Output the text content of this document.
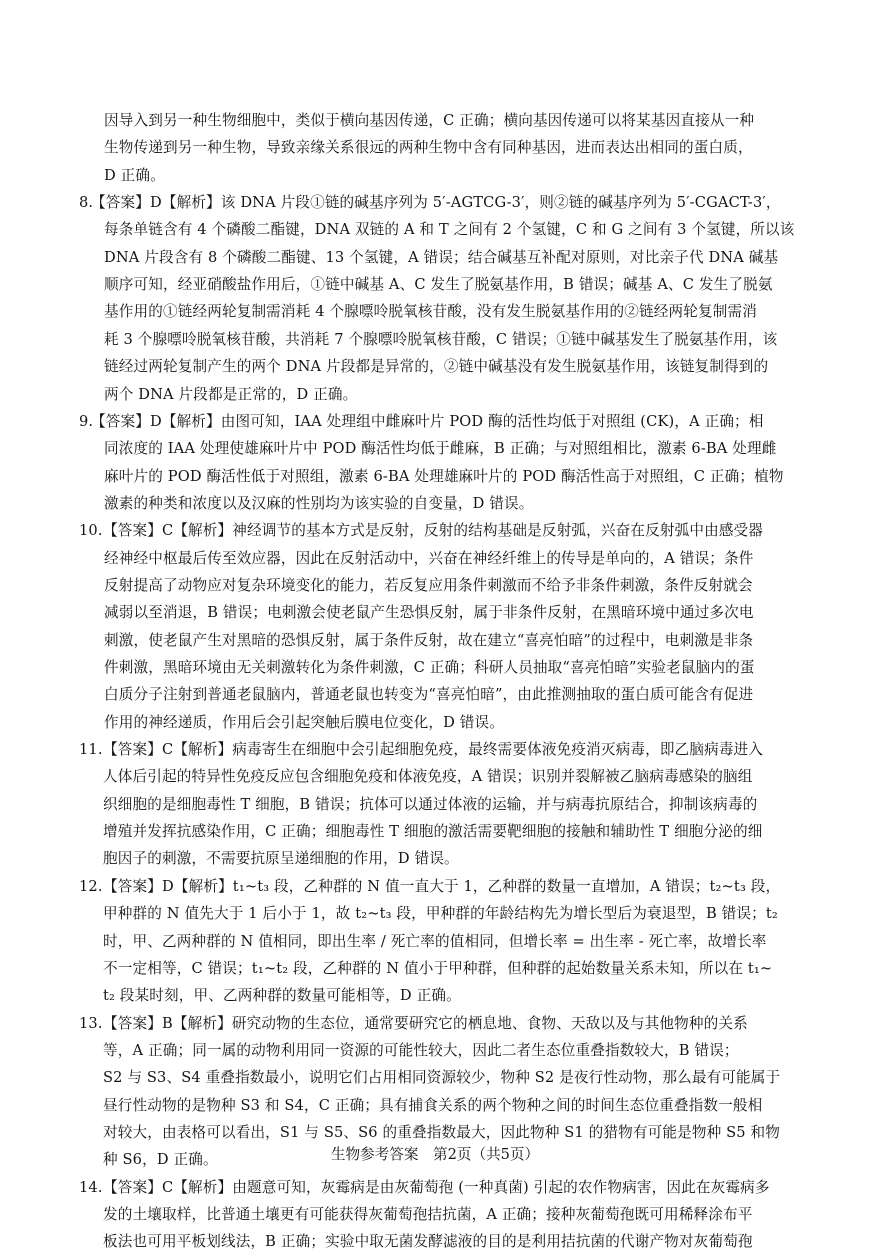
因导入到另一种生物细胞中，类似于横向基因传递，C 正确；横向基因传递可以将某基因直接从一种
生物传递到另一种生物，导致亲缘关系很远的两种生物中含有同种基因，进而表达出相同的蛋白质，
D 正确。
8.
【答案】D【解析】该 DNA 片段①链的碱基序列为 5′-AGTCG-3′，则②链的碱基序列为 5′-CGACT-3′，
每条单链含有 4 个磷酸二酯键，DNA 双链的 A 和 T 之间有 2 个氢键，C 和 G 之间有 3 个氢键，所以该
DNA 片段含有 8 个磷酸二酯键、13 个氢键，A 错误；结合碱基互补配对原则，对比亲子代 DNA 碱基
顺序可知，经亚硝酸盐作用后，①链中碱基 A、C 发生了脱氨基作用，B 错误；碱基 A、C 发生了脱氨
基作用的①链经两轮复制需消耗 4 个腺嘌呤脱氧核苷酸，没有发生脱氨基作用的②链经两轮复制需消
耗 3 个腺嘌呤脱氧核苷酸，共消耗 7 个腺嘌呤脱氧核苷酸，C 错误；①链中碱基发生了脱氨基作用，该
链经过两轮复制产生的两个 DNA 片段都是异常的，②链中碱基没有发生脱氨基作用，该链复制得到的
两个 DNA 片段都是正常的，D 正确。
9.
【答案】D【解析】由图可知，IAA 处理组中雌麻叶片 POD 酶的活性均低于对照组 (CK)，A 正确；相
同浓度的 IAA 处理使雄麻叶片中 POD 酶活性均低于雌麻，B 正确；与对照组相比，激素 6-BA 处理雌
麻叶片的 POD 酶活性低于对照组，激素 6-BA 处理雄麻叶片的 POD 酶活性高于对照组，C 正确；植物
激素的种类和浓度以及汉麻的性别均为该实验的自变量，D 错误。
10. 【答案】C【解析】神经调节的基本方式是反射，反射的结构基础是反射弧，兴奋在反射弧中由感受器
经神经中枢最后传至效应器，因此在反射活动中，兴奋在神经纤维上的传导是单向的，A 错误；条件
反射提高了动物应对复杂环境变化的能力，若反复应用条件刺激而不给予非条件刺激，条件反射就会
减弱以至消退，B 错误；电刺激会使老鼠产生恐惧反射，属于非条件反射，在黑暗环境中通过多次电
刺激，使老鼠产生对黑暗的恐惧反射，属于条件反射，故在建立“喜亮怕暗”的过程中，电刺激是非条
件刺激，黑暗环境由无关刺激转化为条件刺激，C 正确；科研人员抽取“喜亮怕暗”实验老鼠脑内的蛋
白质分子注射到普通老鼠脑内，普通老鼠也转变为“喜亮怕暗”，由此推测抽取的蛋白质可能含有促进
作用的神经递质，作用后会引起突触后膜电位变化，D 错误。
11. 【答案】C【解析】病毒寄生在细胞中会引起细胞免疫，最终需要体液免疫消灭病毒，即乙脑病毒进入
人体后引起的特异性免疫反应包含细胞免疫和体液免疫，A 错误；识别并裂解被乙脑病毒感染的脑组
织细胞的是细胞毒性 T 细胞，B 错误；抗体可以通过体液的运输，并与病毒抗原结合，抑制该病毒的
增殖并发挥抗感染作用，C 正确；细胞毒性 T 细胞的激活需要靶细胞的接触和辅助性 T 细胞分泌的细
胞因子的刺激，不需要抗原呈递细胞的作用，D 错误。
12. 【答案】D【解析】t₁~t₃ 段，乙种群的 N 值一直大于 1，乙种群的数量一直增加，A 错误；t₂~t₃ 段，
甲种群的 N 值先大于 1 后小于 1，故 t₂~t₃ 段，甲种群的年龄结构先为增长型后为衰退型，B 错误；t₂
时，甲、乙两种群的 N 值相同，即出生率 / 死亡率的值相同，但增长率 = 出生率 - 死亡率，故增长率
不一定相等，C 错误；t₁~t₂ 段，乙种群的 N 值小于甲种群，但种群的起始数量关系未知，所以在 t₁~
t₂ 段某时刻，甲、乙两种群的数量可能相等，D 正确。
13. 【答案】B【解析】研究动物的生态位，通常要研究它的栖息地、食物、天敌以及与其他物种的关系
等，A 正确；同一属的动物利用同一资源的可能性较大，因此二者生态位重叠指数较大，B 错误；
S2 与 S3、S4 重叠指数最小，说明它们占用相同资源较少，物种 S2 是夜行性动物，那么最有可能属于
昼行性动物的是物种 S3 和 S4，C 正确；具有捕食关系的两个物种之间的时间生态位重叠指数一般相
对较大，由表格可以看出，S1 与 S5、S6 的重叠指数最大，因此物种 S1 的猎物有可能是物种 S5 和物
种 S6，D 正确。
14. 【答案】C【解析】由题意可知，灰霉病是由灰葡萄孢 (一种真菌) 引起的农作物病害，因此在灰霉病多
发的土壤取样，比普通土壤更有可能获得灰葡萄孢拮抗菌，A 正确；接种灰葡萄孢既可用稀释涂布平
板法也可用平板划线法，B 正确；实验中取无菌发酵滤液的目的是利用拮抗菌的代谢产物对灰葡萄孢
生物参考答案　第2页（共5页）
